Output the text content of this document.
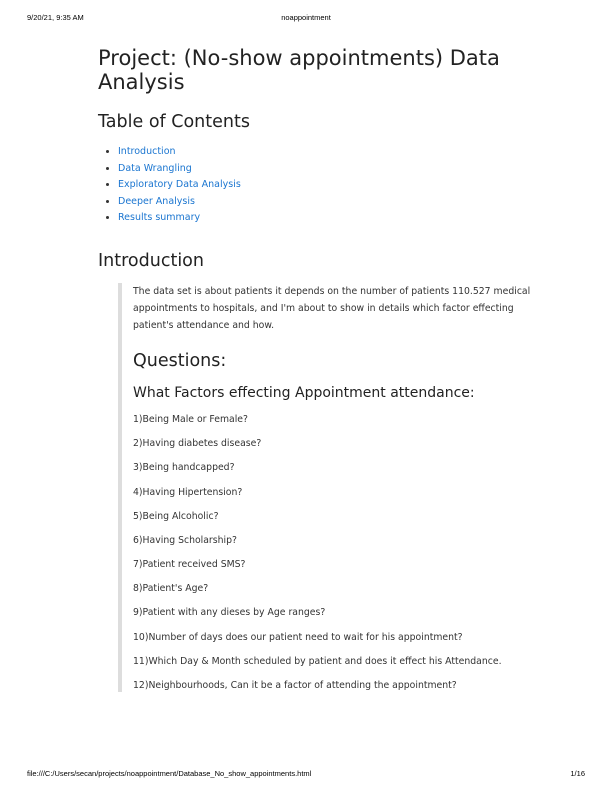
9/20/21, 9:35 AM	noappointment
Project: (No-show appointments) Data Analysis
Table of Contents
• Introduction
• Data Wrangling
• Exploratory Data Analysis
• Deeper Analysis
• Results summary
Introduction

The data set is about patients it depends on the number of patients 110.527 medical appointments to hospitals, and I'm about to show in details which factor effecting patient's attendance and how.

Questions:
What Factors effecting Appointment attendance:
1)Being Male or Female?
2)Having diabetes disease?
3)Being handcapped?
4)Having Hipertension?
5)Being Alcoholic?
6)Having Scholarship?
7)Patient received SMS?
8)Patient's Age?
9)Patient with any dieses by Age ranges?
10)Number of days does our patient need to wait for his appointment?
11)Which Day & Month scheduled by patient and does it effect his Attendance.
12)Neighbourhoods, Can it be a factor of attending the appointment?
file:///C:/Users/secan/projects/noappointment/Database_No_show_appointments.html	1/16
